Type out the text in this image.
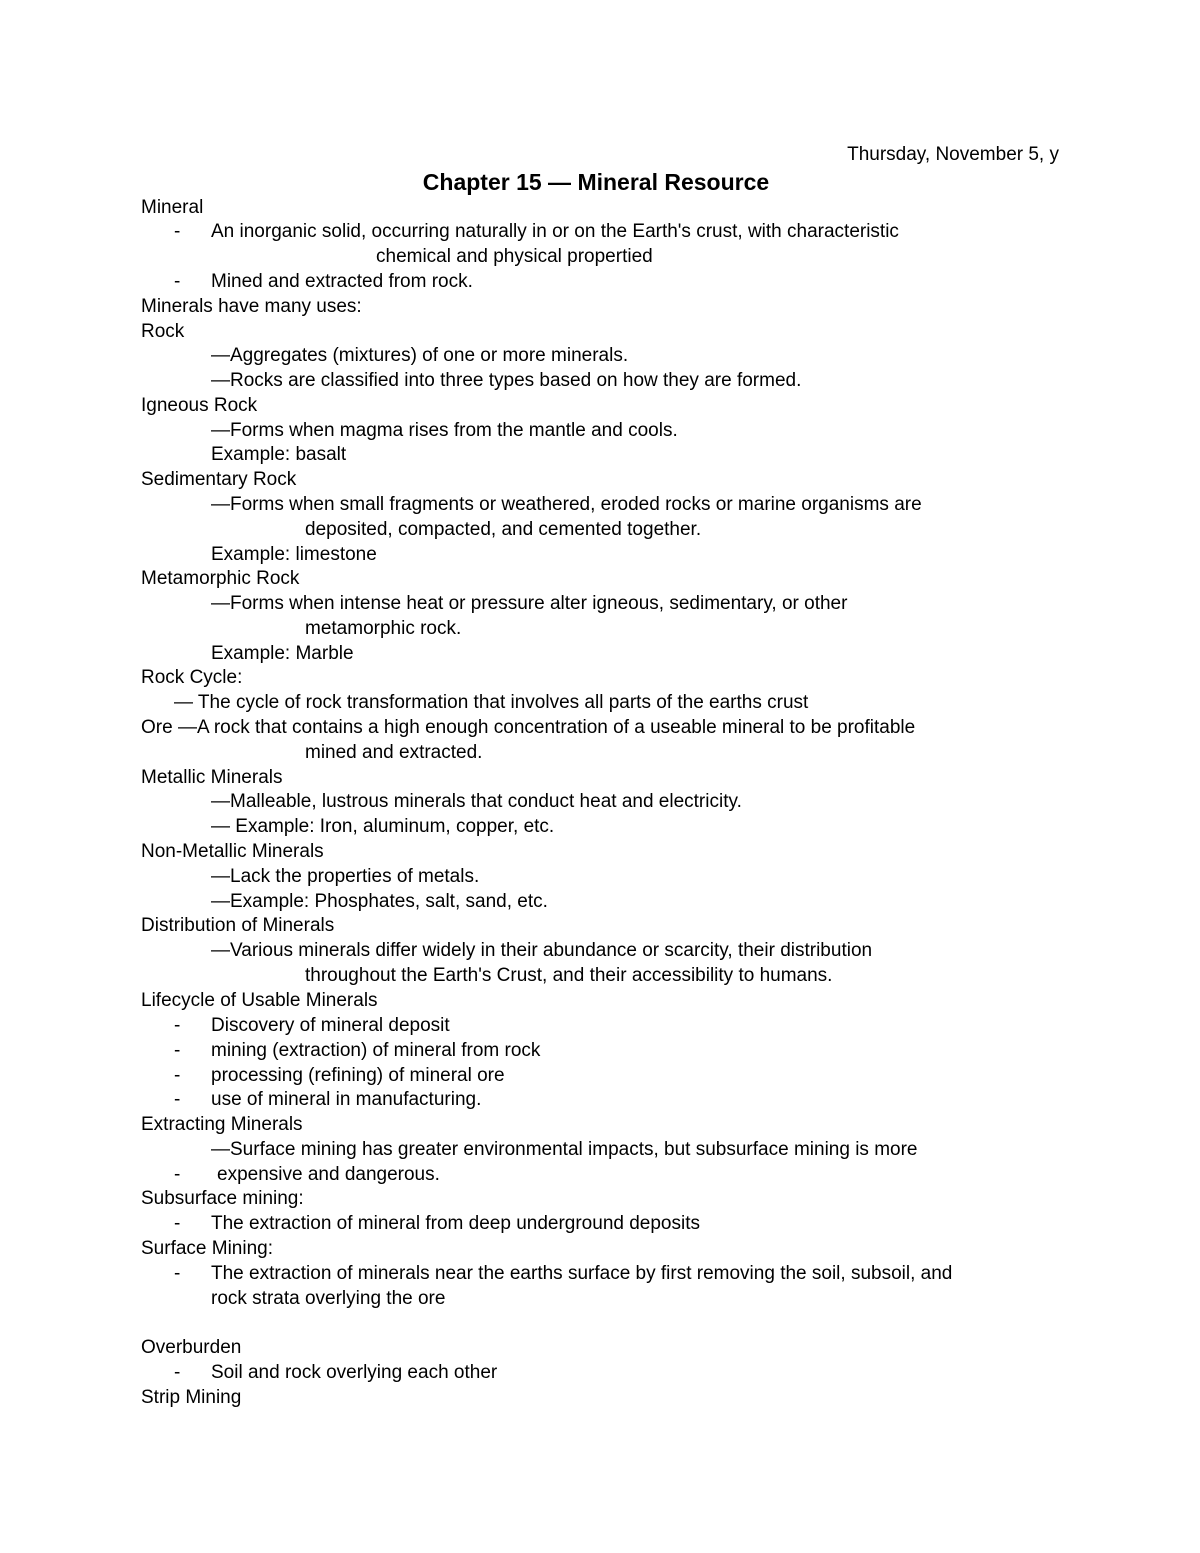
Thursday, November 5, y
Chapter 15 — Mineral Resource
Mineral
- An inorganic solid, occurring naturally in or on the Earth's crust, with characteristic
chemical and physical propertied
- Mined and extracted from rock.
Minerals have many uses:
Rock
—Aggregates (mixtures) of one or more minerals.
—Rocks are classified into three types based on how they are formed.
Igneous Rock
—Forms when magma rises from the mantle and cools.
Example: basalt
Sedimentary Rock
—Forms when small fragments or weathered, eroded rocks or marine organisms are
deposited, compacted, and cemented together.
Example: limestone
Metamorphic Rock
—Forms when intense heat or pressure alter igneous, sedimentary, or other
metamorphic rock.
Example: Marble
Rock Cycle:
— The cycle of rock transformation that involves all parts of the earths crust
Ore —A rock that contains a high enough concentration of a useable mineral to be profitable
mined and extracted.
Metallic Minerals
—Malleable, lustrous minerals that conduct heat and electricity.
— Example: Iron, aluminum, copper, etc.
Non-Metallic Minerals
—Lack the properties of metals.
—Example: Phosphates, salt, sand, etc.
Distribution of Minerals
—Various minerals differ widely in their abundance or scarcity, their distribution
throughout the Earth's Crust, and their accessibility to humans.
Lifecycle of Usable Minerals
- Discovery of mineral deposit
- mining (extraction) of mineral from rock
- processing (refining) of mineral ore
- use of mineral in manufacturing.
Extracting Minerals
—Surface mining has greater environmental impacts, but subsurface mining is more
- expensive and dangerous.
Subsurface mining:
- The extraction of mineral from deep underground deposits
Surface Mining:
- The extraction of minerals near the earths surface by first removing the soil, subsoil, and
rock strata overlying the ore
Overburden
- Soil and rock overlying each other
Strip Mining
